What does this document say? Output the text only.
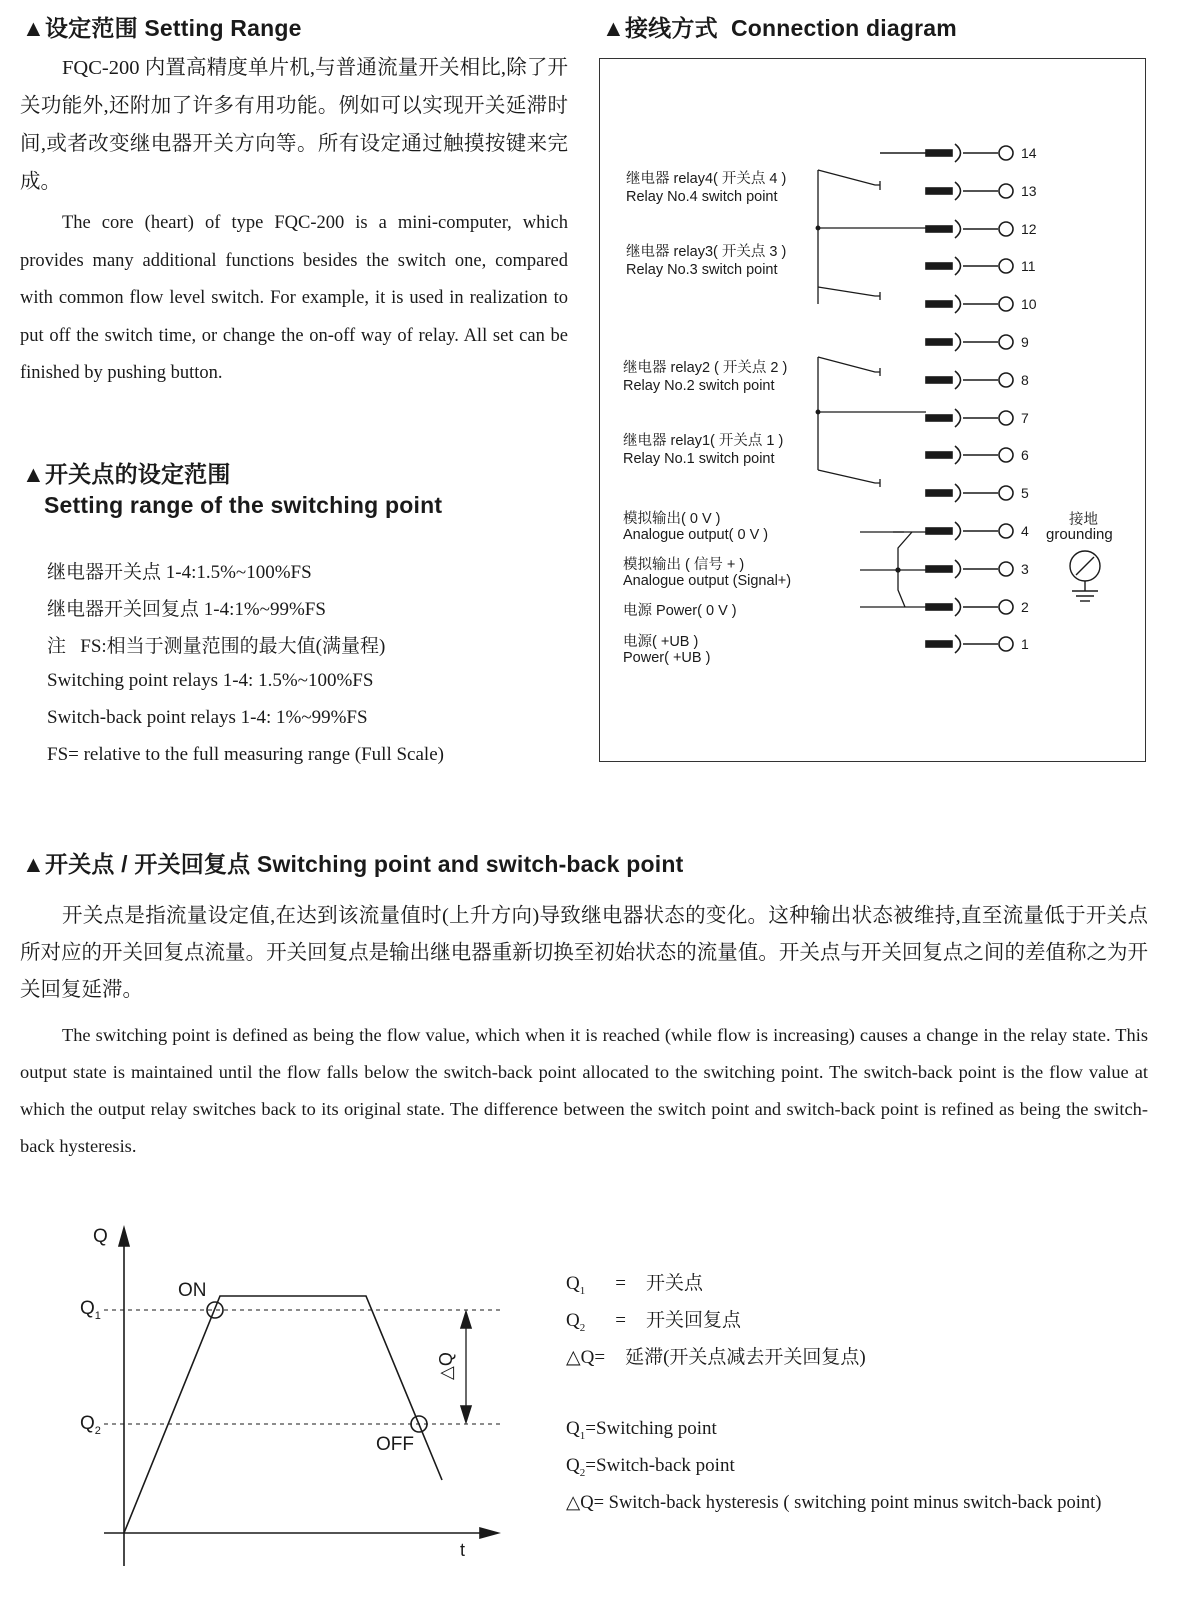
▲设定范围 Setting Range
FQC-200 内置高精度单片机,与普通流量开关相比,除了开关功能外,还附加了许多有用功能。例如可以实现开关延滞时间,或者改变继电器开关方向等。所有设定通过触摸按键来完成。
The core (heart) of type FQC-200 is a mini-computer, which provides many additional functions besides the switch one, compared with common flow level switch. For example, it is used in realization to put off the switch time, or change the on-off way of relay. All set can be finished by pushing button.
▲开关点的设定范围
Setting range of the switching point
继电器开关点 1-4:1.5%~100%FS
继电器开关回复点 1-4:1%~99%FS
注   FS:相当于测量范围的最大值(满量程)
Switching point relays 1-4: 1.5%~100%FS
Switch-back point relays 1-4: 1%~99%FS
FS= relative to the full measuring range (Full Scale)
▲接线方式  Connection diagram
14
13
12
11
10
9
8
7
6
5
4
3
2
1
继电器 relay4( 开关点 4 )
Relay No.4 switch point
继电器 relay3( 开关点 3 )
Relay No.3 switch point
继电器 relay2 ( 开关点 2 )
Relay No.2 switch point
继电器 relay1( 开关点 1 )
Relay No.1 switch point
模拟输出( 0 V )
Analogue output( 0 V )
模拟输出 ( 信号 + )
Analogue output (Signal+)
电源 Power( 0 V )
电源( +UB )
Power( +UB )
接地
grounding
▲开关点 / 开关回复点 Switching point and switch-back point
开关点是指流量设定值,在达到该流量值时(上升方向)导致继电器状态的变化。这种输出状态被维持,直至流量低于开关点所对应的开关回复点流量。开关回复点是输出继电器重新切换至初始状态的流量值。开关点与开关回复点之间的差值称之为开关回复延滞。
The switching point is defined as being the flow value, which when it is reached (while flow is increasing) causes a change in the relay state. This output state is maintained until the flow falls below the switch-back point allocated to the switching point. The switch-back point is the flow value at which the output relay switches back to its original state. The difference between the switch point and switch-back point is refined as being the switch-back hysteresis.
Q
t
$Q_1$
$Q_2$
ON
OFF
△Q
$Q_1$ = 开关点
$Q_2$ = 开关回复点
△Q= 延滞(开关点减去开关回复点)
$Q_1=Switching$ point
$Q_2=Switch$-back point
△Q= Switch-back hysteresis ( switching point minus switch-back point)
